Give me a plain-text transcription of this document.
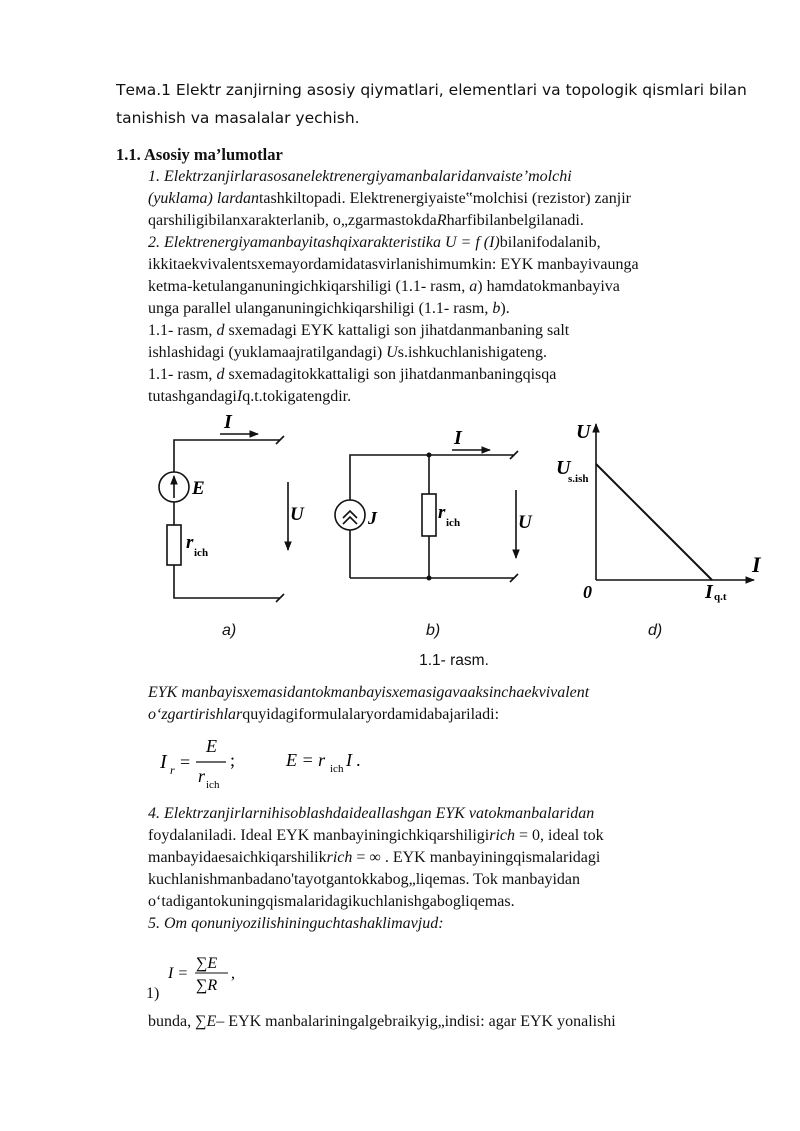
Тема.1 Elektr zanjirning asosiy qiymatlari, elementlari va topologik qismlari bilan
tanishish va masalalar yechish.
1.1. Asosiy ma’lumotlar
1. Elektrzanjirlarasosanelektrenergiyamanbalaridanvaiste’molchi
(yuklama) lardantashkiltopadi. Elektrenergiyaiste‟molchisi (rezistor) zanjir
qarshiligibilanxarakterlanib, o„zgarmastokdaRharfibilanbelgilanadi.
2. Elektrenergiyamanbayitashqixarakteristika U = f (I)bilanifodalanib,
ikkitaekvivalentsxemayordamidatasvirlanishimumkin: EYK manbayivaunga
ketma-ketulanganuningichkiqarshiligi (1.1- rasm, a) hamdatokmanbayiva
unga parallel ulanganuningichkiqarshiligi (1.1- rasm, b).
1.1- rasm, d sxemadagi EYK kattaligi son jihatdanmanbaning salt
ishlashidagi (yuklamaajratilgandagi) Us.ishkuchlanishigateng.
1.1- rasm, d sxemadagitokkattaligi son jihatdanmanbaningqisqa
tutashgandagiIq.t.tokigatengdir.
I
E
r ich
U
I
J	r ich	U
U
U
s.ish
0
I
I q.t
a)	b)	d)
1.1- rasm.
EYK manbayisxemasidantokmanbayisxemasigavaaksinchaekvivalent
o‘zgartirishlarquyidagiformulalaryordamidabajariladi:
I r =
E
r ich
;	E = r ich I .
4. Elektrzanjirlarnihisoblashdaideallashgan EYK vatokmanbalaridan
foydalaniladi. Ideal EYK manbayiningichkiqarshiligirich = 0, ideal tok
manbayidaesaichkiqarshilikrich = ∞ . EYK manbayiningqismalaridagi
kuchlanishmanbadano'tayotgantokkabog„liqemas. Tok manbayidan
oʻtadigantokuningqismalaridagikuchlanishgabogliqemas.
5. Om qonuniyozilishininguchtashaklimavjud:
I =
∑E
∑R
,
1)
bunda, ∑E– EYK manbalariningalgebraikyig„indisi: agar EYK yonalishi
